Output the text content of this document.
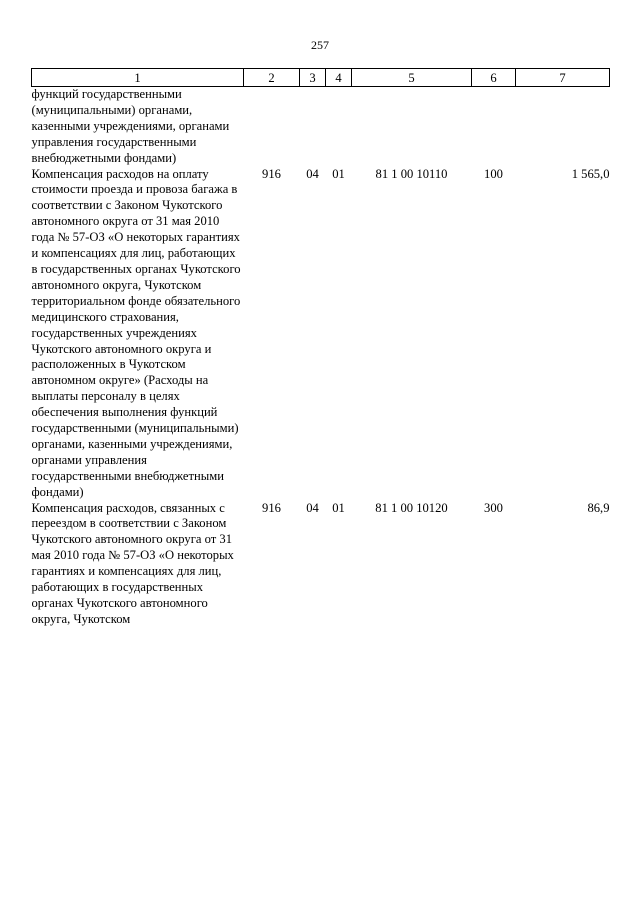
257
1	2	3	4	5	6	7
функций государственными (муниципальными) органами, казенными учреждениями, органами управления государственными внебюджетными фондами)						
Компенсация расходов на оплату стоимости проезда и провоза багажа в соответствии с Законом Чукотского автономного округа от 31 мая 2010 года № 57-ОЗ «О некоторых гарантиях и компенсациях для лиц, работающих в государственных органах Чукотского автономного округа, Чукотском территориальном фонде обязательного медицинского страхования, государственных учреждениях Чукотского автономного округа и расположенных в Чукотском автономном округе» (Расходы на выплаты персоналу в целях обеспечения выполнения функций государственными (муниципальными) органами, казенными учреждениями, органами управления государственными внебюджетными фондами)	916	04	01	81 1 00 10110	100	1 565,0
Компенсация расходов, связанных с переездом в соответствии с Законом Чукотского автономного округа от 31 мая 2010 года № 57-ОЗ «О некоторых гарантиях и компенсациях для лиц, работающих в государственных органах Чукотского автономного округа, Чукотском	916	04	01	81 1 00 10120	300	86,9
